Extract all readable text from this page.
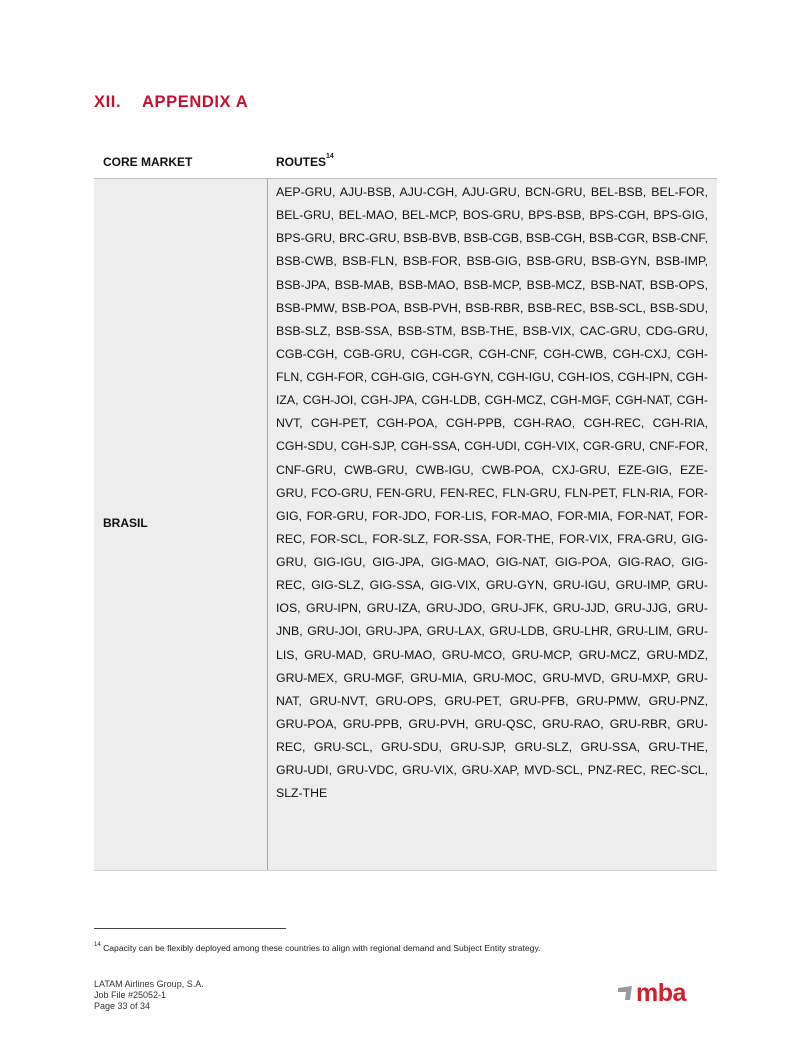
XII. APPENDIX A
CORE MARKET	ROUTES$^{14}$
BRASIL

AEP-GRU, AJU-BSB, AJU-CGH, AJU-GRU, BCN-GRU, BEL-BSB, BEL-FOR, BEL-GRU, BEL-MAO, BEL-MCP, BOS-GRU, BPS-BSB, BPS-CGH, BPS-GIG, BPS-GRU, BRC-GRU, BSB-BVB, BSB-CGB, BSB-CGH, BSB-CGR, BSB-CNF, BSB-CWB, BSB-FLN, BSB-FOR, BSB-GIG, BSB-GRU, BSB-GYN, BSB-IMP, BSB-JPA, BSB-MAB, BSB-MAO, BSB-MCP, BSB-MCZ, BSB-NAT, BSB-OPS, BSB-PMW, BSB-POA, BSB-PVH, BSB-RBR, BSB-REC, BSB-SCL, BSB-SDU, BSB-SLZ, BSB-SSA, BSB-STM, BSB-THE, BSB-VIX, CAC-GRU, CDG-GRU, CGB-CGH, CGB-GRU, CGH-CGR, CGH-CNF, CGH-CWB, CGH-CXJ, CGH-FLN, CGH-FOR, CGH-GIG, CGH-GYN, CGH-IGU, CGH-IOS, CGH-IPN, CGH-IZA, CGH-JOI, CGH-JPA, CGH-LDB, CGH-MCZ, CGH-MGF, CGH-NAT, CGH-NVT, CGH-PET, CGH-POA, CGH-PPB, CGH-RAO, CGH-REC, CGH-RIA, CGH-SDU, CGH-SJP, CGH-SSA, CGH-UDI, CGH-VIX, CGR-GRU, CNF-FOR, CNF-GRU, CWB-GRU, CWB-IGU, CWB-POA, CXJ-GRU, EZE-GIG, EZE-GRU, FCO-GRU, FEN-GRU, FEN-REC, FLN-GRU, FLN-PET, FLN-RIA, FOR-GIG, FOR-GRU, FOR-JDO, FOR-LIS, FOR-MAO, FOR-MIA, FOR-NAT, FOR-REC, FOR-SCL, FOR-SLZ, FOR-SSA, FOR-THE, FOR-VIX, FRA-GRU, GIG-GRU, GIG-IGU, GIG-JPA, GIG-MAO, GIG-NAT, GIG-POA, GIG-RAO, GIG-REC, GIG-SLZ, GIG-SSA, GIG-VIX, GRU-GYN, GRU-IGU, GRU-IMP, GRU-IOS, GRU-IPN, GRU-IZA, GRU-JDO, GRU-JFK, GRU-JJD, GRU-JJG, GRU-JNB, GRU-JOI, GRU-JPA, GRU-LAX, GRU-LDB, GRU-LHR, GRU-LIM, GRU-LIS, GRU-MAD, GRU-MAO, GRU-MCO, GRU-MCP, GRU-MCZ, GRU-MDZ, GRU-MEX, GRU-MGF, GRU-MIA, GRU-MOC, GRU-MVD, GRU-MXP, GRU-NAT, GRU-NVT, GRU-OPS, GRU-PET, GRU-PFB, GRU-PMW, GRU-PNZ, GRU-POA, GRU-PPB, GRU-PVH, GRU-QSC, GRU-RAO, GRU-RBR, GRU-REC, GRU-SCL, GRU-SDU, GRU-SJP, GRU-SLZ, GRU-SSA, GRU-THE, GRU-UDI, GRU-VDC, GRU-VIX, GRU-XAP, MVD-SCL, PNZ-REC, REC-SCL, SLZ-THE

$^{14}$ Capacity can be flexibly deployed among these countries to align with regional demand and Subject Entity strategy.
LATAM Airlines Group, S.A.
Job File #25052-1
Page 33 of 34	mba
